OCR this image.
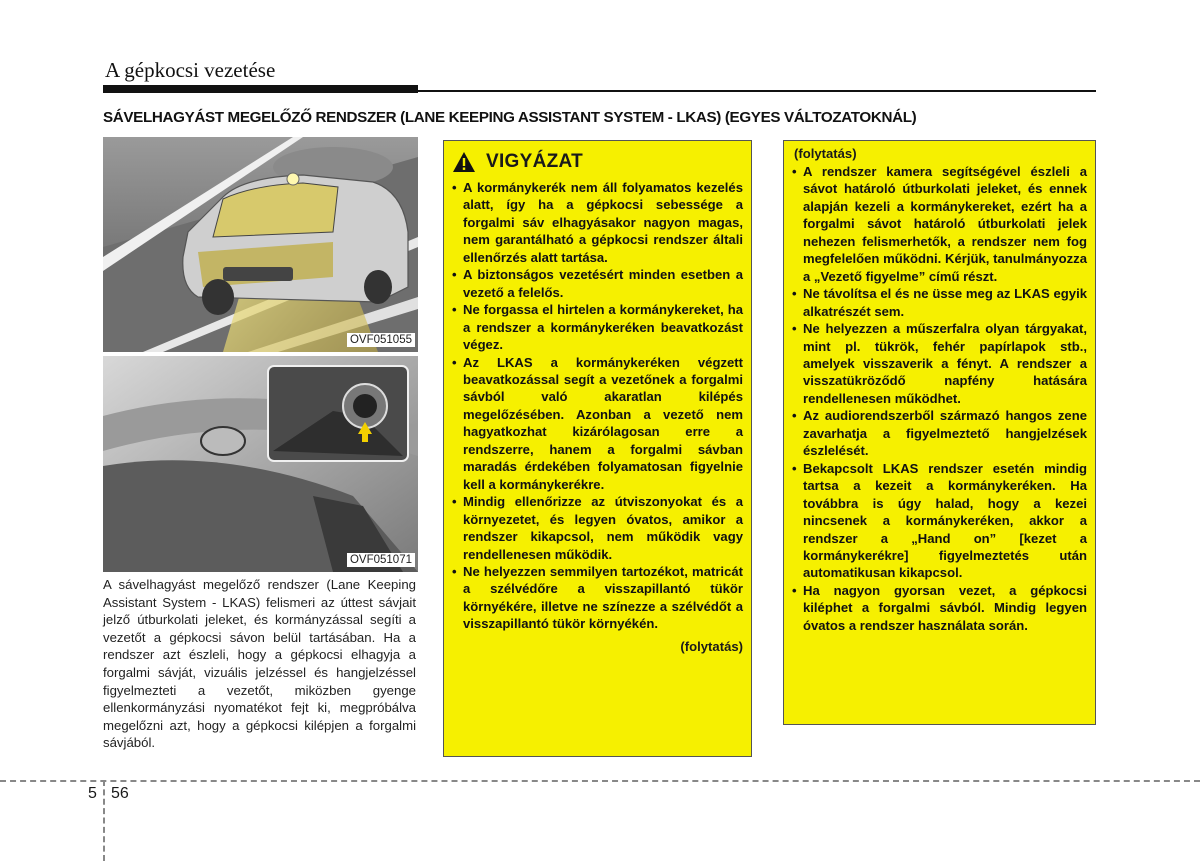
A gépkocsi vezetése
SÁVELHAGYÁST MEGELŐZŐ RENDSZER (LANE KEEPING ASSISTANT SYSTEM - LKAS) (EGYES VÁLTOZATOKNÁL)
OVF051055
OVF051071
A sávelhagyást megelőző rendszer (Lane Keeping Assistant System - LKAS) felismeri az úttest sávjait jelző útburkolati jeleket, és kormányzással segíti a vezetőt a gépkocsi sávon belül tartásában. Ha a rendszer azt észleli, hogy a gépkocsi elhagyja a forgalmi sávját, vizuális jelzéssel és hangjelzéssel figyelmezteti a vezetőt, miközben gyenge ellenkormányzási nyomatékot fejt ki, megpróbálva megelőzni azt, hogy a gépkocsi kilépjen a forgalmi sávjából.
VIGYÁZAT
• A kormánykerék nem áll folyamatos kezelés alatt, így ha a gépkocsi sebessége a forgalmi sáv elhagyásakor nagyon magas, nem garantálható a gépkocsi rendszer általi ellenőrzés alatt tartása.
• A biztonságos vezetésért minden esetben a vezető a felelős.
• Ne forgassa el hirtelen a kormánykereket, ha a rendszer a kormánykeréken beavatkozást végez.
• Az LKAS a kormánykeréken végzett beavatkozással segít a vezetőnek a forgalmi sávból való akaratlan kilépés megelőzésében. Azonban a vezető nem hagyatkozhat kizárólagosan erre a rendszerre, hanem a forgalmi sávban maradás érdekében folyamatosan figyelnie kell a kormánykerékre.
• Mindig ellenőrizze az útviszonyokat és a környezetet, és legyen óvatos, amikor a rendszer kikapcsol, nem működik vagy rendellenesen működik.
• Ne helyezzen semmilyen tartozékot, matricát a szélvédőre a visszapillantó tükör környékére, illetve ne színezze a szélvédőt a visszapillantó tükör környékén.
(folytatás)
(folytatás)
• A rendszer kamera segítségével észleli a sávot határoló útburkolati jeleket, és ennek alapján kezeli a kormánykereket, ezért ha a forgalmi sávot határoló útburkolati jelek nehezen felismerhetők, a rendszer nem fog megfelelően működni. Kérjük, tanulmányozza a „Vezető figyelme” című részt.
• Ne távolítsa el és ne üsse meg az LKAS egyik alkatrészét sem.
• Ne helyezzen a műszerfalra olyan tárgyakat, mint pl. tükrök, fehér papírlapok stb., amelyek visszaverik a fényt. A rendszer a visszatükröződő napfény hatására rendellenesen működhet.
• Az audiorendszerből származó hangos zene zavarhatja a figyelmeztető hangjelzések észlelését.
• Bekapcsolt LKAS rendszer esetén mindig tartsa a kezeit a kormánykeréken. Ha továbbra is úgy halad, hogy a kezei nincsenek a kormánykeréken, akkor a rendszer a „Hand on” [kezet a kormánykerékre] figyelmeztetés után automatikusan kikapcsol.
• Ha nagyon gyorsan vezet, a gépkocsi kiléphet a forgalmi sávból. Mindig legyen óvatos a rendszer használata során.
5 56
